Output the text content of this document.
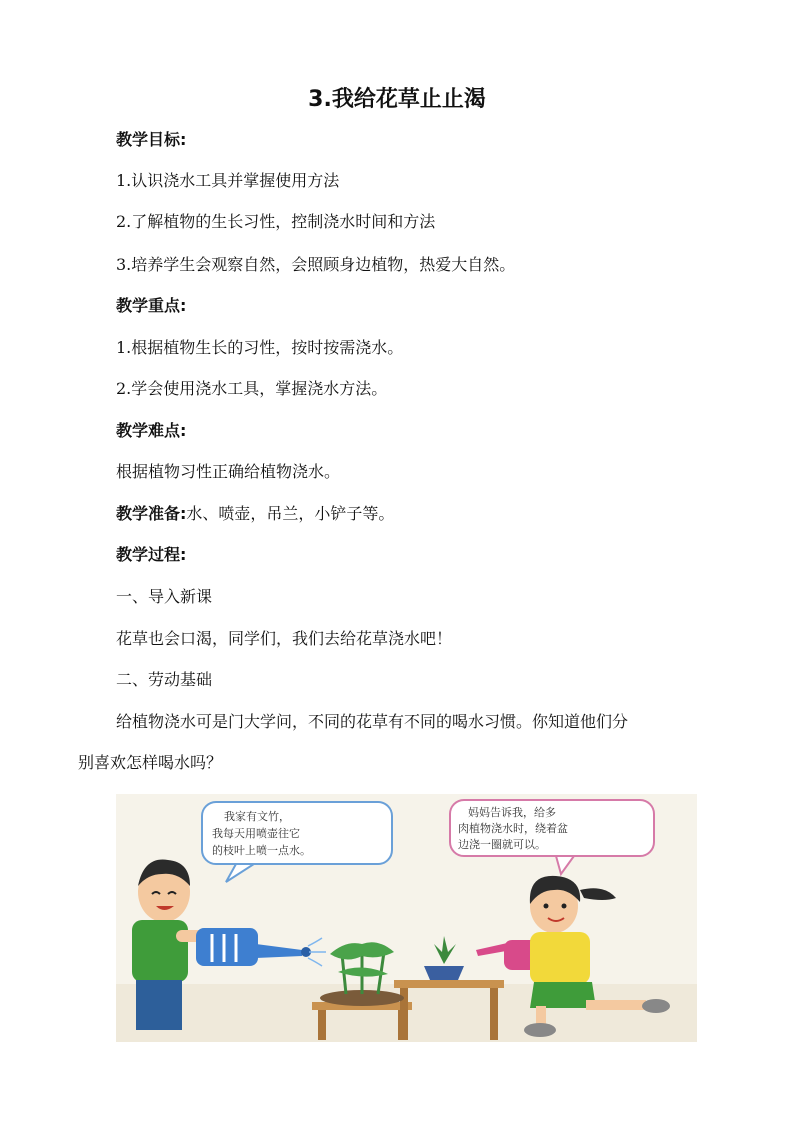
3.我给花草止止渴
教学目标:
1.认识浇水工具并掌握使用方法
2.了解植物的生长习性，控制浇水时间和方法
3.培养学生会观察自然，会照顾身边植物，热爱大自然。
教学重点:
1.根据植物生长的习性，按时按需浇水。
2.学会使用浇水工具，掌握浇水方法。
教学难点:
根据植物习性正确给植物浇水。
教学准备:水、喷壶，吊兰，小铲子等。
教学过程:
一、导入新课
花草也会口渴，同学们，我们去给花草浇水吧！
二、劳动基础
给植物浇水可是门大学问，不同的花草有不同的喝水习惯。你知道他们分
别喜欢怎样喝水吗？
我家有文竹，
我每天用喷壶往它
的枝叶上喷一点水。
妈妈告诉我，给多
肉植物浇水时，绕着盆
边浇一圈就可以。
